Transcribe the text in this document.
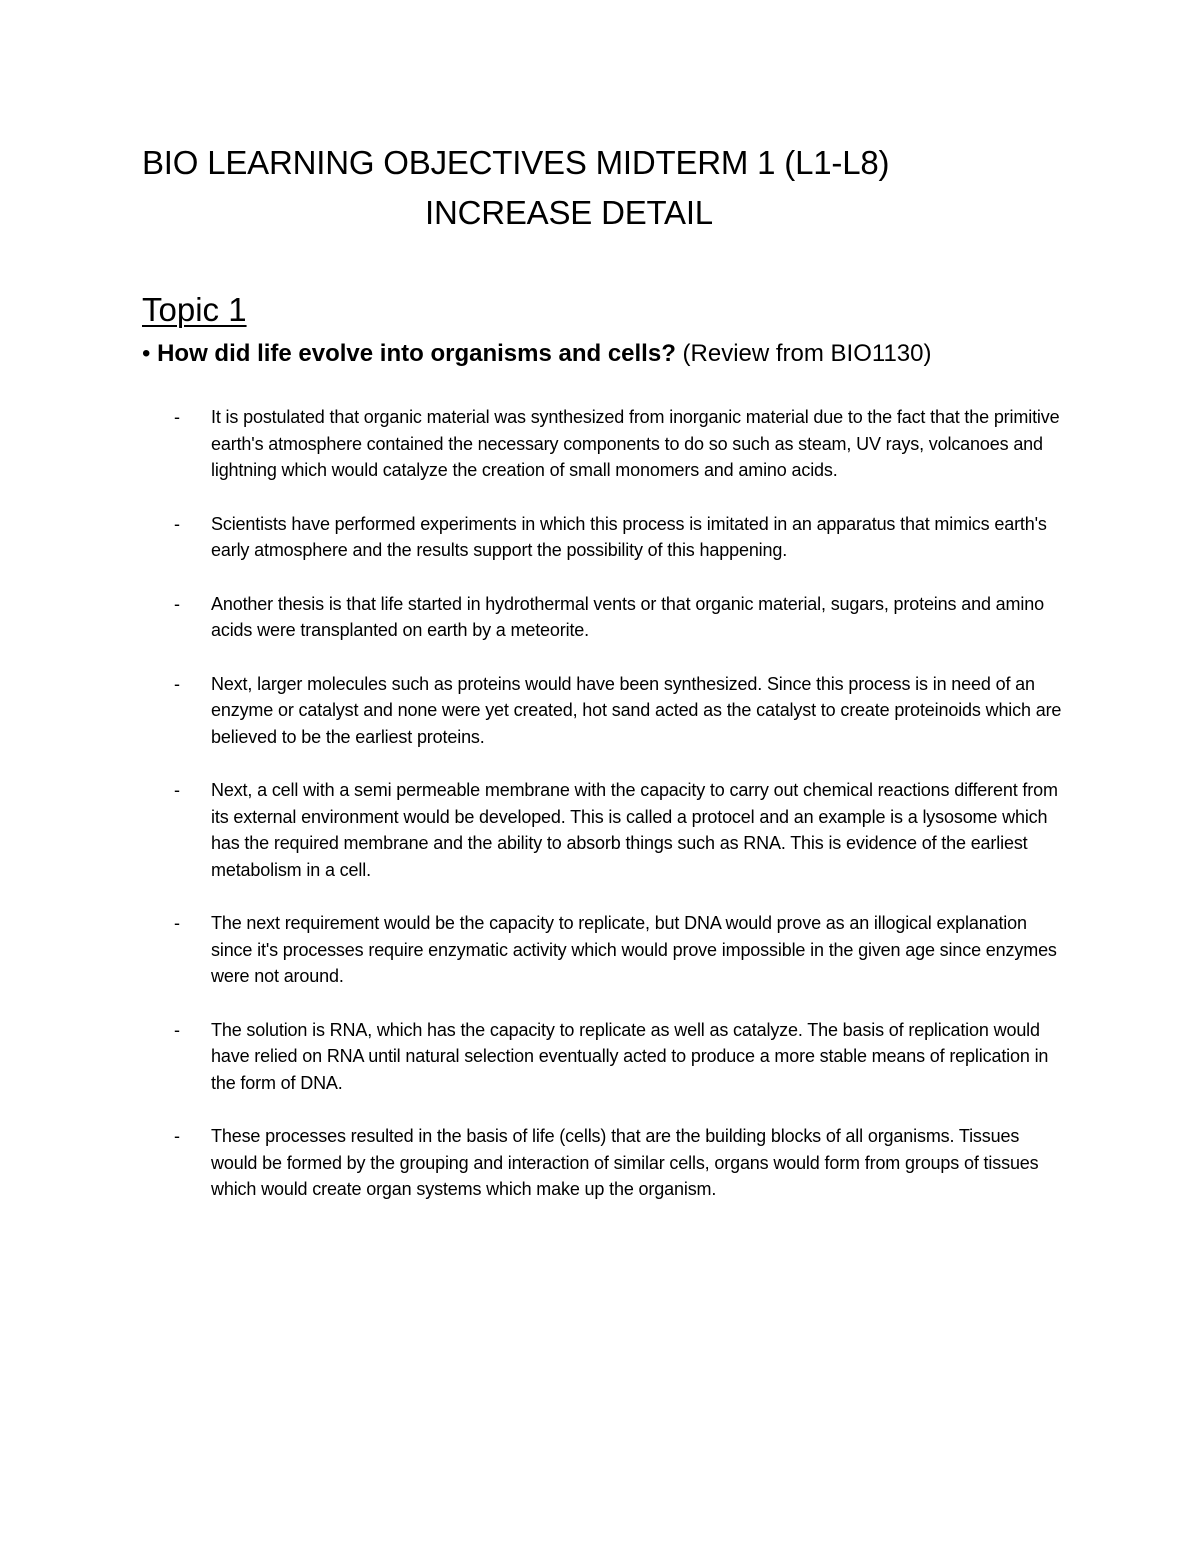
BIO LEARNING OBJECTIVES MIDTERM 1 (L1-L8)
INCREASE DETAIL
Topic 1
• How did life evolve into organisms and cells? (Review from BIO1130)
- It is postulated that organic material was synthesized from inorganic material due to the fact that the primitive earth's atmosphere contained the necessary components to do so such as steam, UV rays, volcanoes and lightning which would catalyze the creation of small monomers and amino acids.
- Scientists have performed experiments in which this process is imitated in an apparatus that mimics earth's early atmosphere and the results support the possibility of this happening.
- Another thesis is that life started in hydrothermal vents or that organic material, sugars, proteins and amino acids were transplanted on earth by a meteorite.
- Next, larger molecules such as proteins would have been synthesized. Since this process is in need of an enzyme or catalyst and none were yet created, hot sand acted as the catalyst to create proteinoids which are believed to be the earliest proteins.
- Next, a cell with a semi permeable membrane with the capacity to carry out chemical reactions different from its external environment would be developed. This is called a protocel and an example is a lysosome which has the required membrane and the ability to absorb things such as RNA. This is evidence of the earliest metabolism in a cell.
- The next requirement would be the capacity to replicate, but DNA would prove as an illogical explanation since it's processes require enzymatic activity which would prove impossible in the given age since enzymes were not around.
- The solution is RNA, which has the capacity to replicate as well as catalyze. The basis of replication would have relied on RNA until natural selection eventually acted to produce a more stable means of replication in the form of DNA.
- These processes resulted in the basis of life (cells) that are the building blocks of all organisms. Tissues would be formed by the grouping and interaction of similar cells, organs would form from groups of tissues which would create organ systems which make up the organism.
